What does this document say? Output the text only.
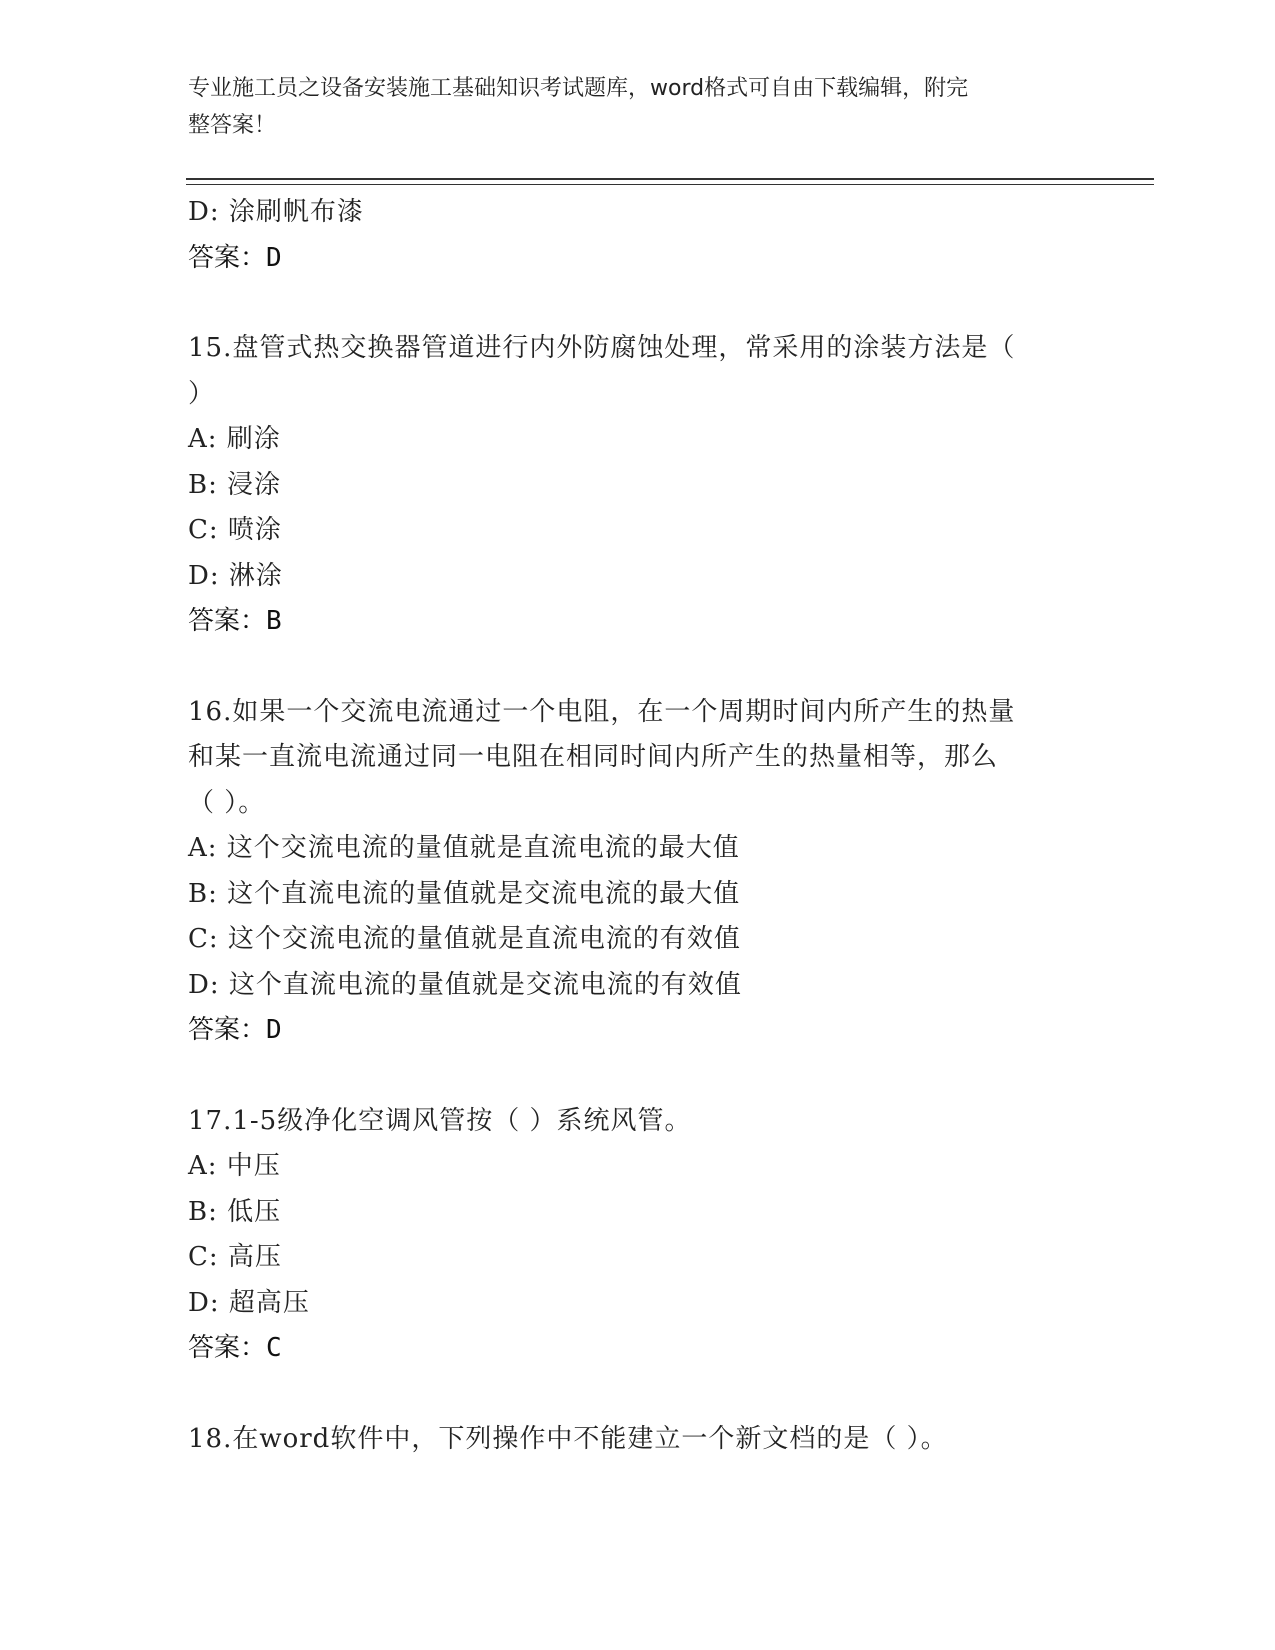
专业施工员之设备安装施工基础知识考试题库，word格式可自由下载编辑，附完
整答案！
D: 涂刷帆布漆
答案：D
15.盘管式热交换器管道进行内外防腐蚀处理，常采用的涂装方法是（
）
A: 刷涂
B: 浸涂
C: 喷涂
D: 淋涂
答案：B
16.如果一个交流电流通过一个电阻，在一个周期时间内所产生的热量
和某一直流电流通过同一电阻在相同时间内所产生的热量相等，那么
（ ）。
A: 这个交流电流的量值就是直流电流的最大值
B: 这个直流电流的量值就是交流电流的最大值
C: 这个交流电流的量值就是直流电流的有效值
D: 这个直流电流的量值就是交流电流的有效值
答案：D
17.1-5级净化空调风管按（ ）系统风管。
A: 中压
B: 低压
C: 高压
D: 超高压
答案：C
18.在word软件中，下列操作中不能建立一个新文档的是（ ）。
